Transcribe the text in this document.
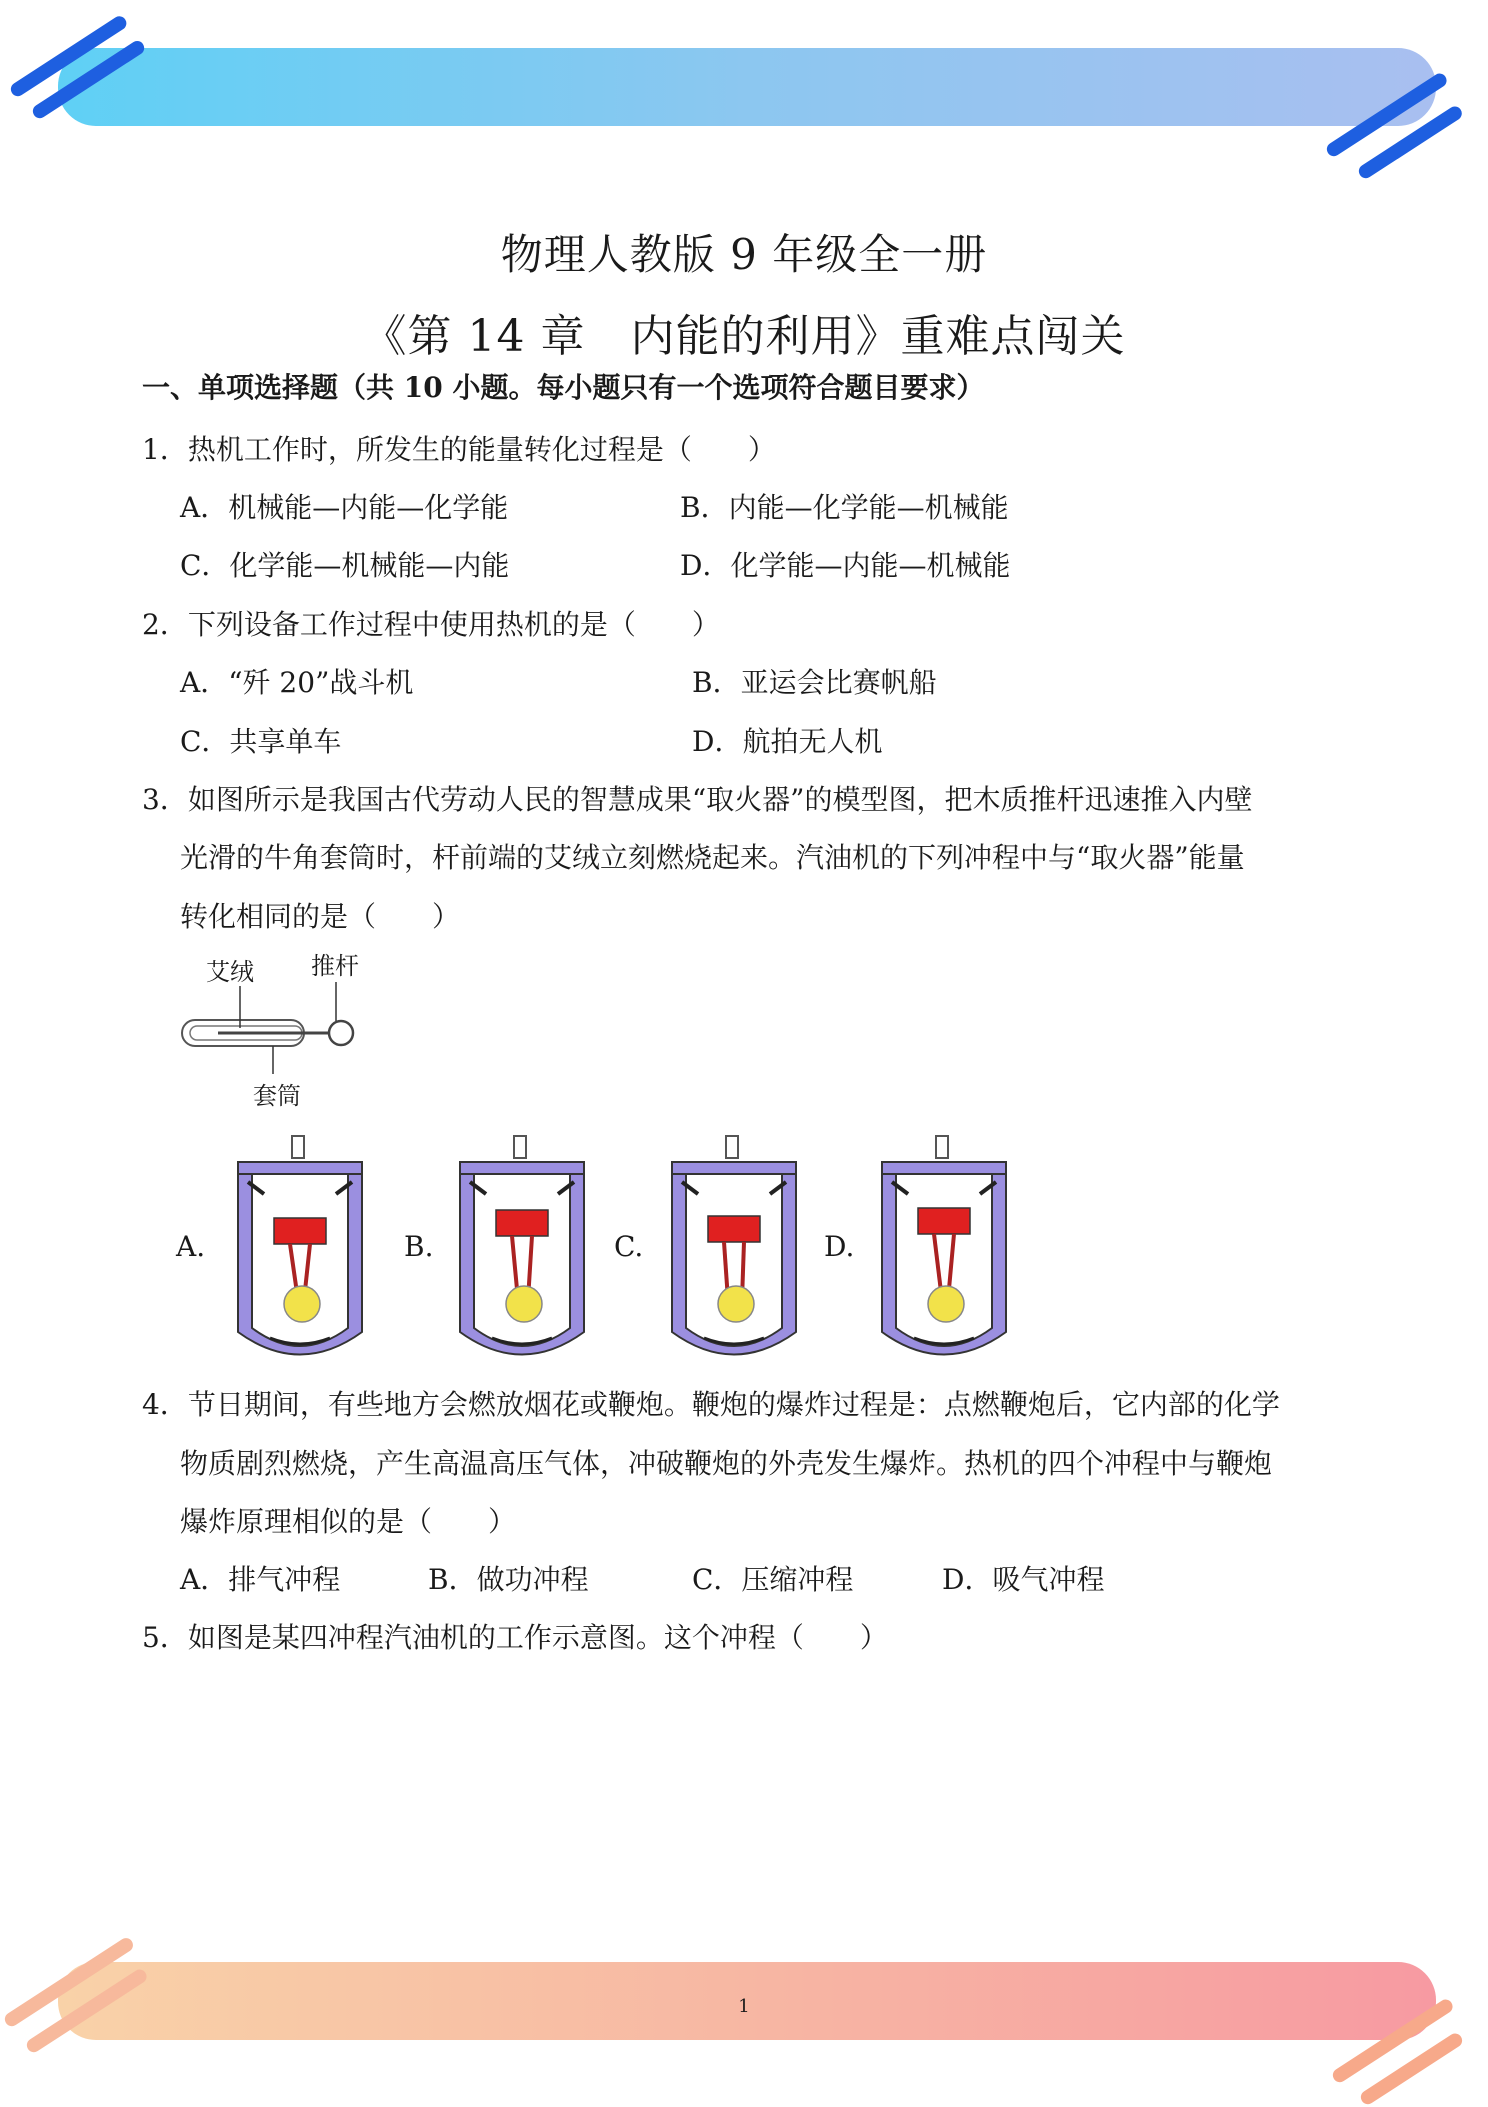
物理人教版 9 年级全一册
《第 14 章　内能的利用》重难点闯关
一、单项选择题（共 10 小题。每小题只有一个选项符合题目要求）
1．热机工作时，所发生的能量转化过程是（　　）
A．机械能—内能—化学能	B．内能—化学能—机械能
C．化学能—机械能—内能	D．化学能—内能—机械能
2．下列设备工作过程中使用热机的是（　　）
A．“歼 20”战斗机	B．亚运会比赛帆船
C．共享单车	D．航拍无人机
3．如图所示是我国古代劳动人民的智慧成果“取火器”的模型图，把木质推杆迅速推入内壁
光滑的牛角套筒时，杆前端的艾绒立刻燃烧起来。汽油机的下列冲程中与“取火器”能量
转化相同的是（　　）
艾绒 推杆
套筒
A.	B.	C.	D.
4．节日期间，有些地方会燃放烟花或鞭炮。鞭炮的爆炸过程是：点燃鞭炮后，它内部的化学
物质剧烈燃烧，产生高温高压气体，冲破鞭炮的外壳发生爆炸。热机的四个冲程中与鞭炮
爆炸原理相似的是（　　）
A．排气冲程	B．做功冲程	C．压缩冲程	D．吸气冲程
5．如图是某四冲程汽油机的工作示意图。这个冲程（　　）
1
